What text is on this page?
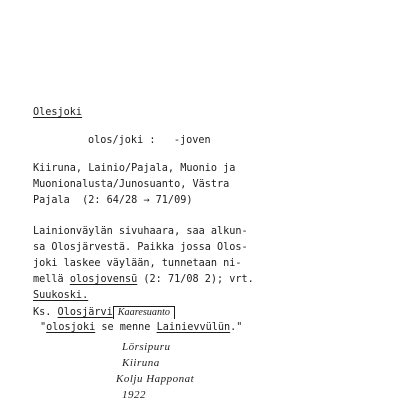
Olesjoki
olos/joki :   -joven
Kiiruna, Lainio/Pajala, Muonio ja
Muonionalusta/Junosuanto, Västra
Pajala  (2: 64/28 → 71/09)
Lainionväylän sivuhaara, saa alkun-
sa Olosjärvestä. Paikka jossa Olos-
joki laskee väylään, tunnetaan ni-
mellä olosjovensū (2: 71/08 2); vrt.
Suukoski.
Ks. Olosjärvi Kaaresuanto
"olosjoki se menne Lainievvülün."
Lörsipuru
Kiiruna
Kolju Happonat
1922
